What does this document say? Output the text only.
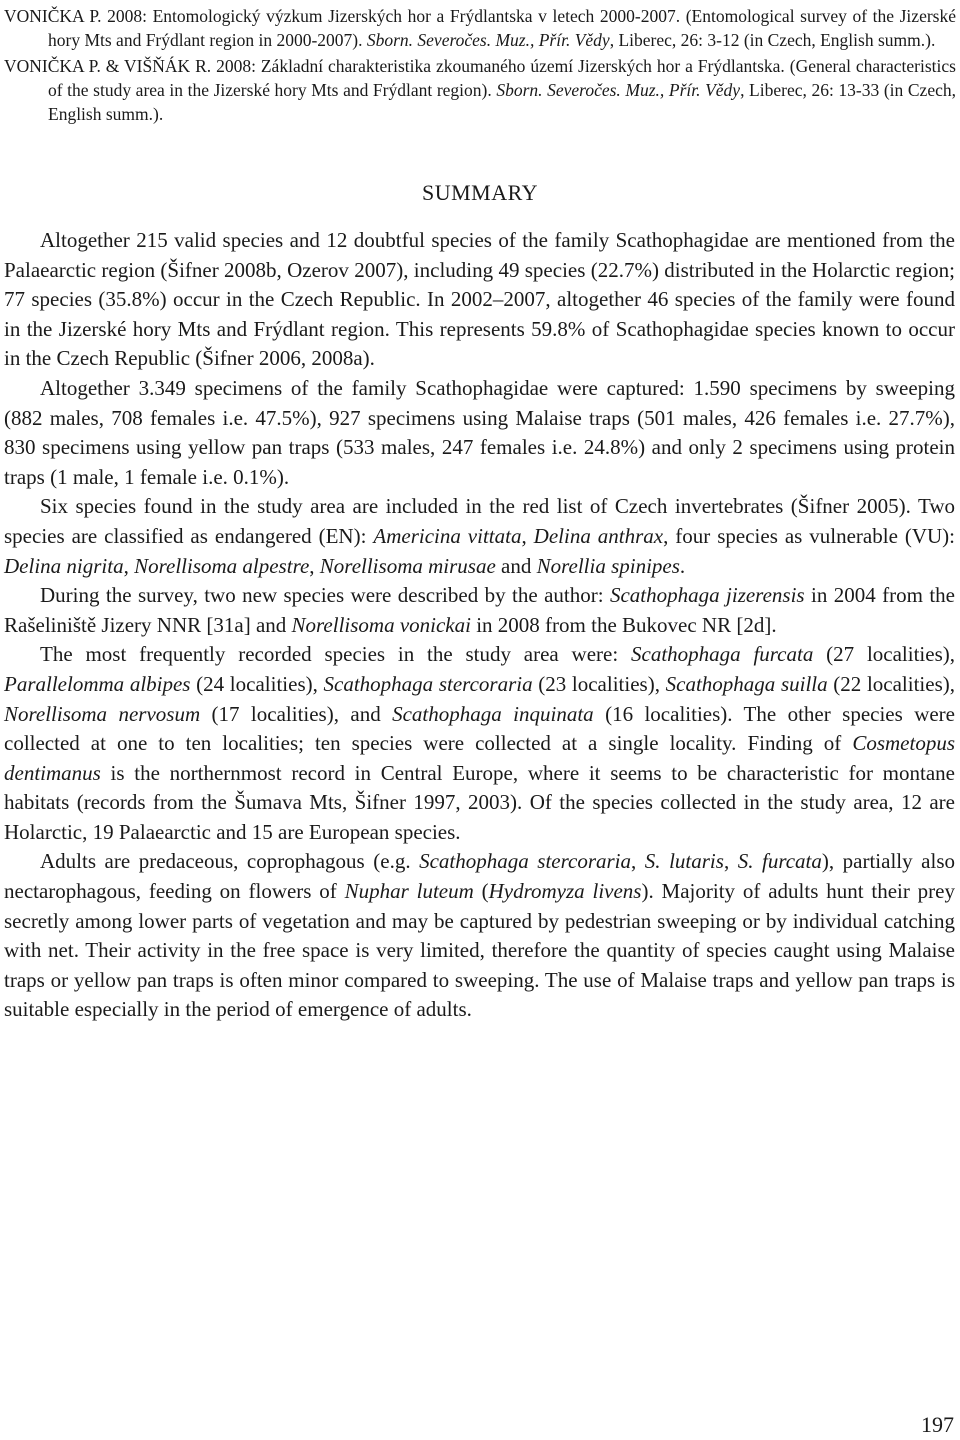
VONIČKA P. 2008: Entomologický výzkum Jizerských hor a Frýdlantska v letech 2000-2007. (Entomological survey of the Jizerské hory Mts and Frýdlant region in 2000-2007). Sborn. Severočes. Muz., Přír. Vědy, Liberec, 26: 3-12 (in Czech, English summ.).

VONIČKA P. & VIŠŇÁK R. 2008: Základní charakteristika zkoumaného území Jizerských hor a Frýdlantska. (General characteristics of the study area in the Jizerské hory Mts and Frýdlant region). Sborn. Severočes. Muz., Přír. Vědy, Liberec, 26: 13-33 (in Czech, English summ.).

SUMMARY

Altogether 215 valid species and 12 doubtful species of the family Scathophagidae are mentioned from the Palaearctic region (Šifner 2008b, Ozerov 2007), including 49 species (22.7%) distributed in the Holarctic region; 77 species (35.8%) occur in the Czech Republic. In 2002–2007, altogether 46 species of the family were found in the Jizerské hory Mts and Frýdlant region. This represents 59.8% of Scathophagidae species known to occur in the Czech Republic (Šifner 2006, 2008a).

Altogether 3.349 specimens of the family Scathophagidae were captured: 1.590 specimens by sweeping (882 males, 708 females i.e. 47.5%), 927 specimens using Malaise traps (501 males, 426 females i.e. 27.7%), 830 specimens using yellow pan traps (533 males, 247 females i.e. 24.8%) and only 2 specimens using protein traps (1 male, 1 female i.e. 0.1%).

Six species found in the study area are included in the red list of Czech invertebrates (Šifner 2005). Two species are classified as endangered (EN): Americina vittata, Delina anthrax, four species as vulnerable (VU): Delina nigrita, Norellisoma alpestre, Norellisoma mirusae and Norellia spinipes.

During the survey, two new species were described by the author: Scathophaga jizerensis in 2004 from the Rašeliniště Jizery NNR [31a] and Norellisoma vonickai in 2008 from the Bukovec NR [2d].

The most frequently recorded species in the study area were: Scathophaga furcata (27 localities), Parallelomma albipes (24 localities), Scathophaga stercoraria (23 localities), Scathophaga suilla (22 localities), Norellisoma nervosum (17 localities), and Scathophaga inquinata (16 localities). The other species were collected at one to ten localities; ten species were collected at a single locality. Finding of Cosmetopus dentimanus is the northernmost record in Central Europe, where it seems to be characteristic for montane habitats (records from the Šumava Mts, Šifner 1997, 2003). Of the species collected in the study area, 12 are Holarctic, 19 Palaearctic and 15 are European species.

Adults are predaceous, coprophagous (e.g. Scathophaga stercoraria, S. lutaris, S. furcata), partially also nectarophagous, feeding on flowers of Nuphar luteum (Hydromyza livens). Majority of adults hunt their prey secretly among lower parts of vegetation and may be captured by pedestrian sweeping or by individual catching with net. Their activity in the free space is very limited, therefore the quantity of species caught using Malaise traps or yellow pan traps is often minor compared to sweeping. The use of Malaise traps and yellow pan traps is suitable especially in the period of emergence of adults.

197
